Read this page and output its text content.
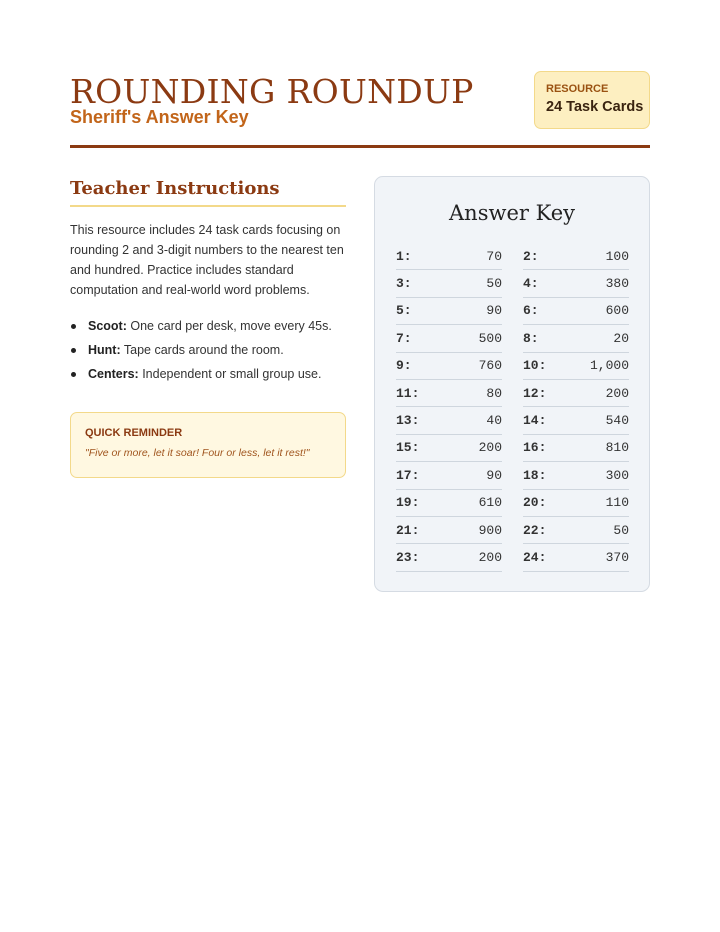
ROUNDING ROUNDUP
Sheriff's Answer Key
RESOURCE
24 Task Cards
Teacher Instructions

This resource includes 24 task cards focusing on rounding 2 and 3-digit numbers to the nearest ten and hundred. Practice includes standard computation and real-world word problems.

Scoot: One card per desk, move every 45s.
Hunt: Tape cards around the room.
Centers: Independent or small group use.
QUICK REMINDER
"Five or more, let it soar! Four or less, let it rest!"
Answer Key
1:	70 2:	100
3:	50 4:	380
5:	90 6:	600
7:	500 8:	20
9:	760 10:	1,000
11:	80 12:	200
13:	40 14:	540
15:	200 16:	810
17:	90 18:	300
19:	610 20:	110
21:	900 22:	50
23:	200 24:	370
